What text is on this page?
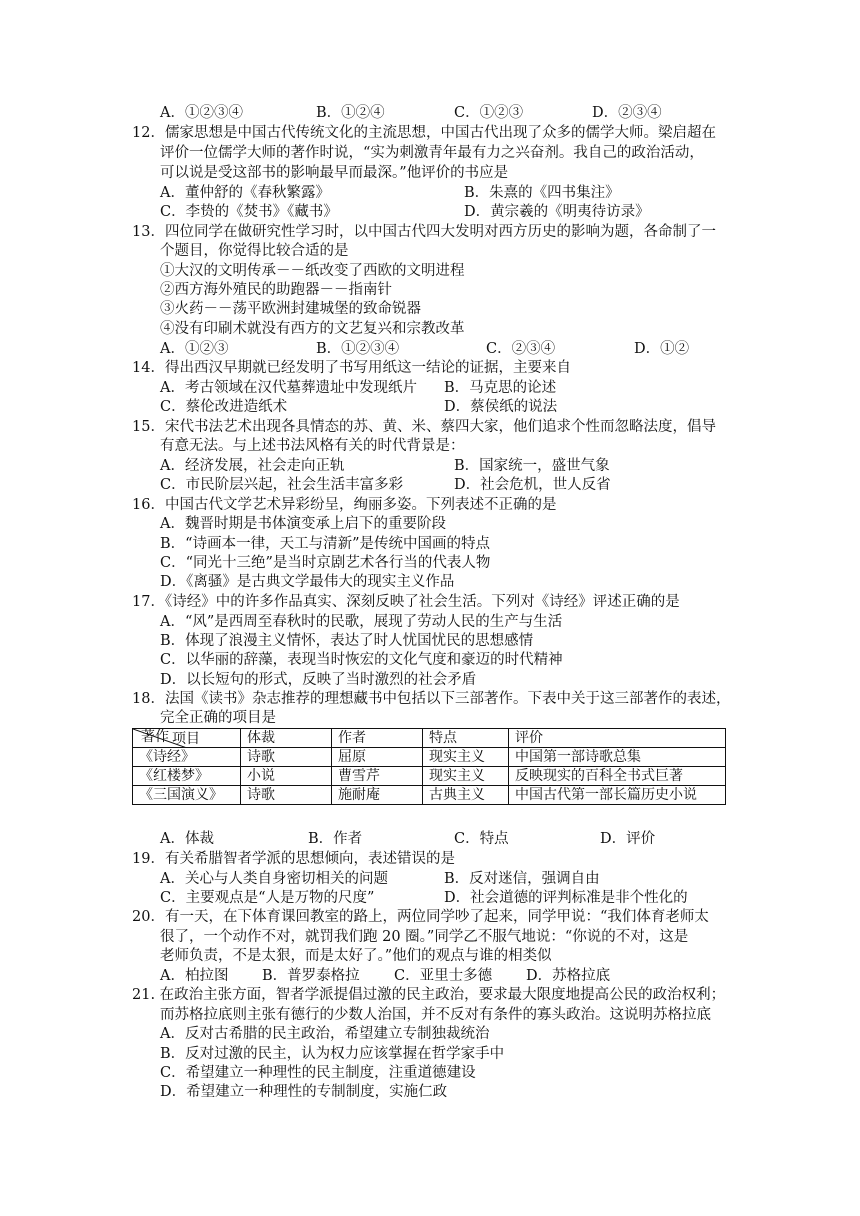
A．①②③④	B．①②④	C．①②③	D．②③④
12．儒家思想是中国古代传统文化的主流思想，中国古代出现了众多的儒学大师。梁启超在
评价一位儒学大师的著作时说，“实为刺激青年最有力之兴奋剂。我自己的政治活动，
可以说是受这部书的影响最早而最深。”他评价的书应是
A．董仲舒的《春秋繁露》	B．朱熹的《四书集注》
C．李贽的《焚书》《藏书》	D．黄宗羲的《明夷待访录》
13．四位同学在做研究性学习时，以中国古代四大发明对西方历史的影响为题，各命制了一
个题目，你觉得比较合适的是
①大汉的文明传承－－纸改变了西欧的文明进程
②西方海外殖民的助跑器－－指南针
③火药－－荡平欧洲封建城堡的致命锐器
④没有印刷术就没有西方的文艺复兴和宗教改革
A．①②③	B．①②③④	C．②③④	D．①②
14．得出西汉早期就已经发明了书写用纸这一结论的证据，主要来自
A．考古领域在汉代墓葬遗址中发现纸片 B．马克思的论述
C．蔡伦改进造纸术	D．蔡侯纸的说法
15．宋代书法艺术出现各具情态的苏、黄、米、蔡四大家，他们追求个性而忽略法度，倡导
有意无法。与上述书法风格有关的时代背景是：
A．经济发展，社会走向正轨	B．国家统一，盛世气象
C．市民阶层兴起，社会生活丰富多彩	D．社会危机，世人反省
16．中国古代文学艺术异彩纷呈，绚丽多姿。下列表述不正确的是
A．魏晋时期是书体演变承上启下的重要阶段
B．“诗画本一律，天工与清新”是传统中国画的特点
C．“同光十三绝”是当时京剧艺术各行当的代表人物
D．《离骚》是古典文学最伟大的现实主义作品
17．《诗经》中的许多作品真实、深刻反映了社会生活。下列对《诗经》评述正确的是
A．“风”是西周至春秋时的民歌，展现了劳动人民的生产与生活
B．体现了浪漫主义情怀，表达了时人忧国忧民的思想感情
C．以华丽的辞藻，表现当时恢宏的文化气度和豪迈的时代精神
D．以长短句的形式，反映了当时激烈的社会矛盾
18．法国《读书》杂志推荐的理想藏书中包括以下三部著作。下表中关于这三部著作的表述，
完全正确的项目是
项目
著作	体裁	作者	特点	评价
《诗经》	诗歌	屈原	现实主义	中国第一部诗歌总集
《红楼梦》	小说	曹雪芹	现实主义	反映现实的百科全书式巨著
《三国演义》	诗歌	施耐庵	古典主义	中国古代第一部长篇历史小说
A．体裁	B．作者	C．特点	D．评价
19．有关希腊智者学派的思想倾向，表述错误的是
A．关心与人类自身密切相关的问题	B．反对迷信，强调自由
C．主要观点是“人是万物的尺度”	D．社会道德的评判标准是非个性化的
20．有一天，在下体育课回教室的路上，两位同学吵了起来，同学甲说：“我们体育老师太
很了，一个动作不对，就罚我们跑 20 圈。”同学乙不服气地说：“你说的不对，这是
老师负责，不是太狠，而是太好了。”他们的观点与谁的相类似
A．柏拉图 B．普罗泰格拉 C．亚里士多德 D．苏格拉底
21. 在政治主张方面，智者学派提倡过激的民主政治，要求最大限度地提高公民的政治权利；
而苏格拉底则主张有德行的少数人治国，并不反对有条件的寡头政治。这说明苏格拉底
A．反对古希腊的民主政治，希望建立专制独裁统治
B．反对过激的民主，认为权力应该掌握在哲学家手中
C．希望建立一种理性的民主制度，注重道德建设
D．希望建立一种理性的专制制度，实施仁政
